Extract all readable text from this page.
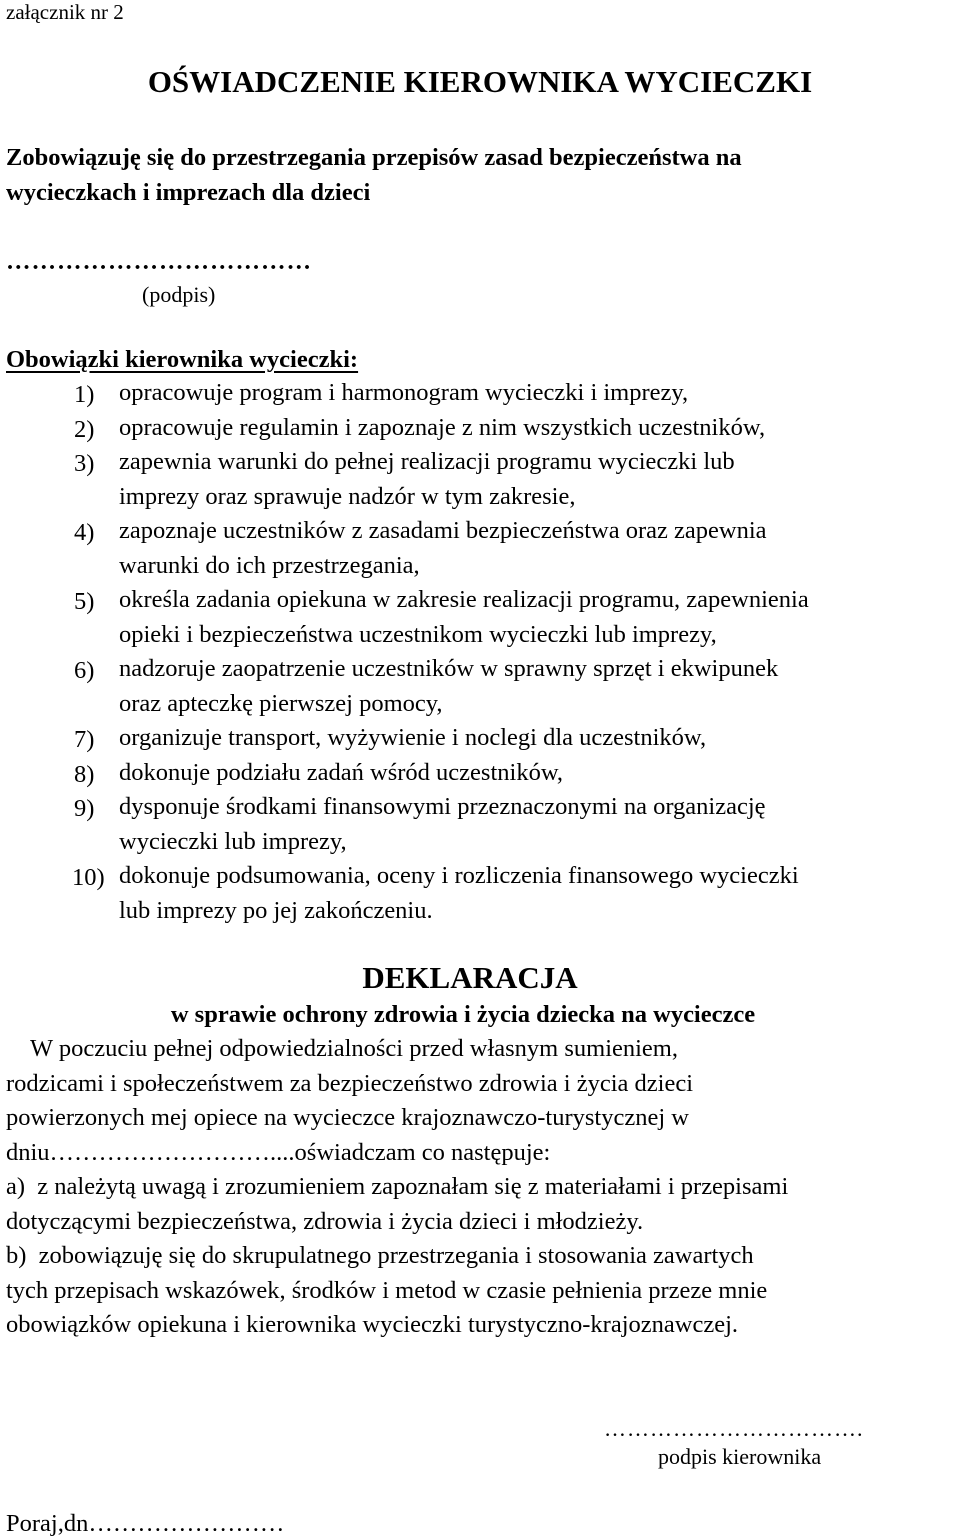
załącznik nr 2
OŚWIADCZENIE KIEROWNIKA WYCIECZKI
Zobowiązuję się do przestrzegania przepisów zasad bezpieczeństwa na
wycieczkach i imprezach dla dzieci
………………………………
(podpis)
Obowiązki kierownika wycieczki:
1) opracowuje program i harmonogram wycieczki i imprezy,
2) opracowuje regulamin i zapoznaje z nim wszystkich uczestników,
3) zapewnia warunki do pełnej realizacji programu wycieczki lub
imprezy oraz sprawuje nadzór w tym zakresie,
4) zapoznaje uczestników z zasadami bezpieczeństwa oraz zapewnia
warunki do ich przestrzegania,
5) określa zadania opiekuna w zakresie realizacji programu, zapewnienia
opieki i bezpieczeństwa uczestnikom wycieczki lub imprezy,
6) nadzoruje zaopatrzenie uczestników w sprawny sprzęt i ekwipunek
oraz apteczkę pierwszej pomocy,
7) organizuje transport, wyżywienie i noclegi dla uczestników,
8) dokonuje podziału zadań wśród uczestników,
9) dysponuje środkami finansowymi przeznaczonymi na organizację
wycieczki lub imprezy,
10) dokonuje podsumowania, oceny i rozliczenia finansowego wycieczki
lub imprezy po jej zakończeniu.
DEKLARACJA
w sprawie ochrony zdrowia i życia dziecka na wycieczce
W poczuciu pełnej odpowiedzialności przed własnym sumieniem,
rodzicami i społeczeństwem za bezpieczeństwo zdrowia i życia dzieci
powierzonych mej opiece na wycieczce krajoznawczo-turystycznej w
dniu………………………....oświadczam co następuje:
a)  z należytą uwagą i zrozumieniem zapoznałam się z materiałami i przepisami
dotyczącymi bezpieczeństwa, zdrowia i życia dzieci i młodzieży.
b)  zobowiązuję się do skrupulatnego przestrzegania i stosowania zawartych
tych przepisach wskazówek, środków i metod w czasie pełnienia przeze mnie
obowiązków opiekuna i kierownika wycieczki turystyczno-krajoznawczej.
…………………………….
podpis kierownika
Poraj,dn……………………
